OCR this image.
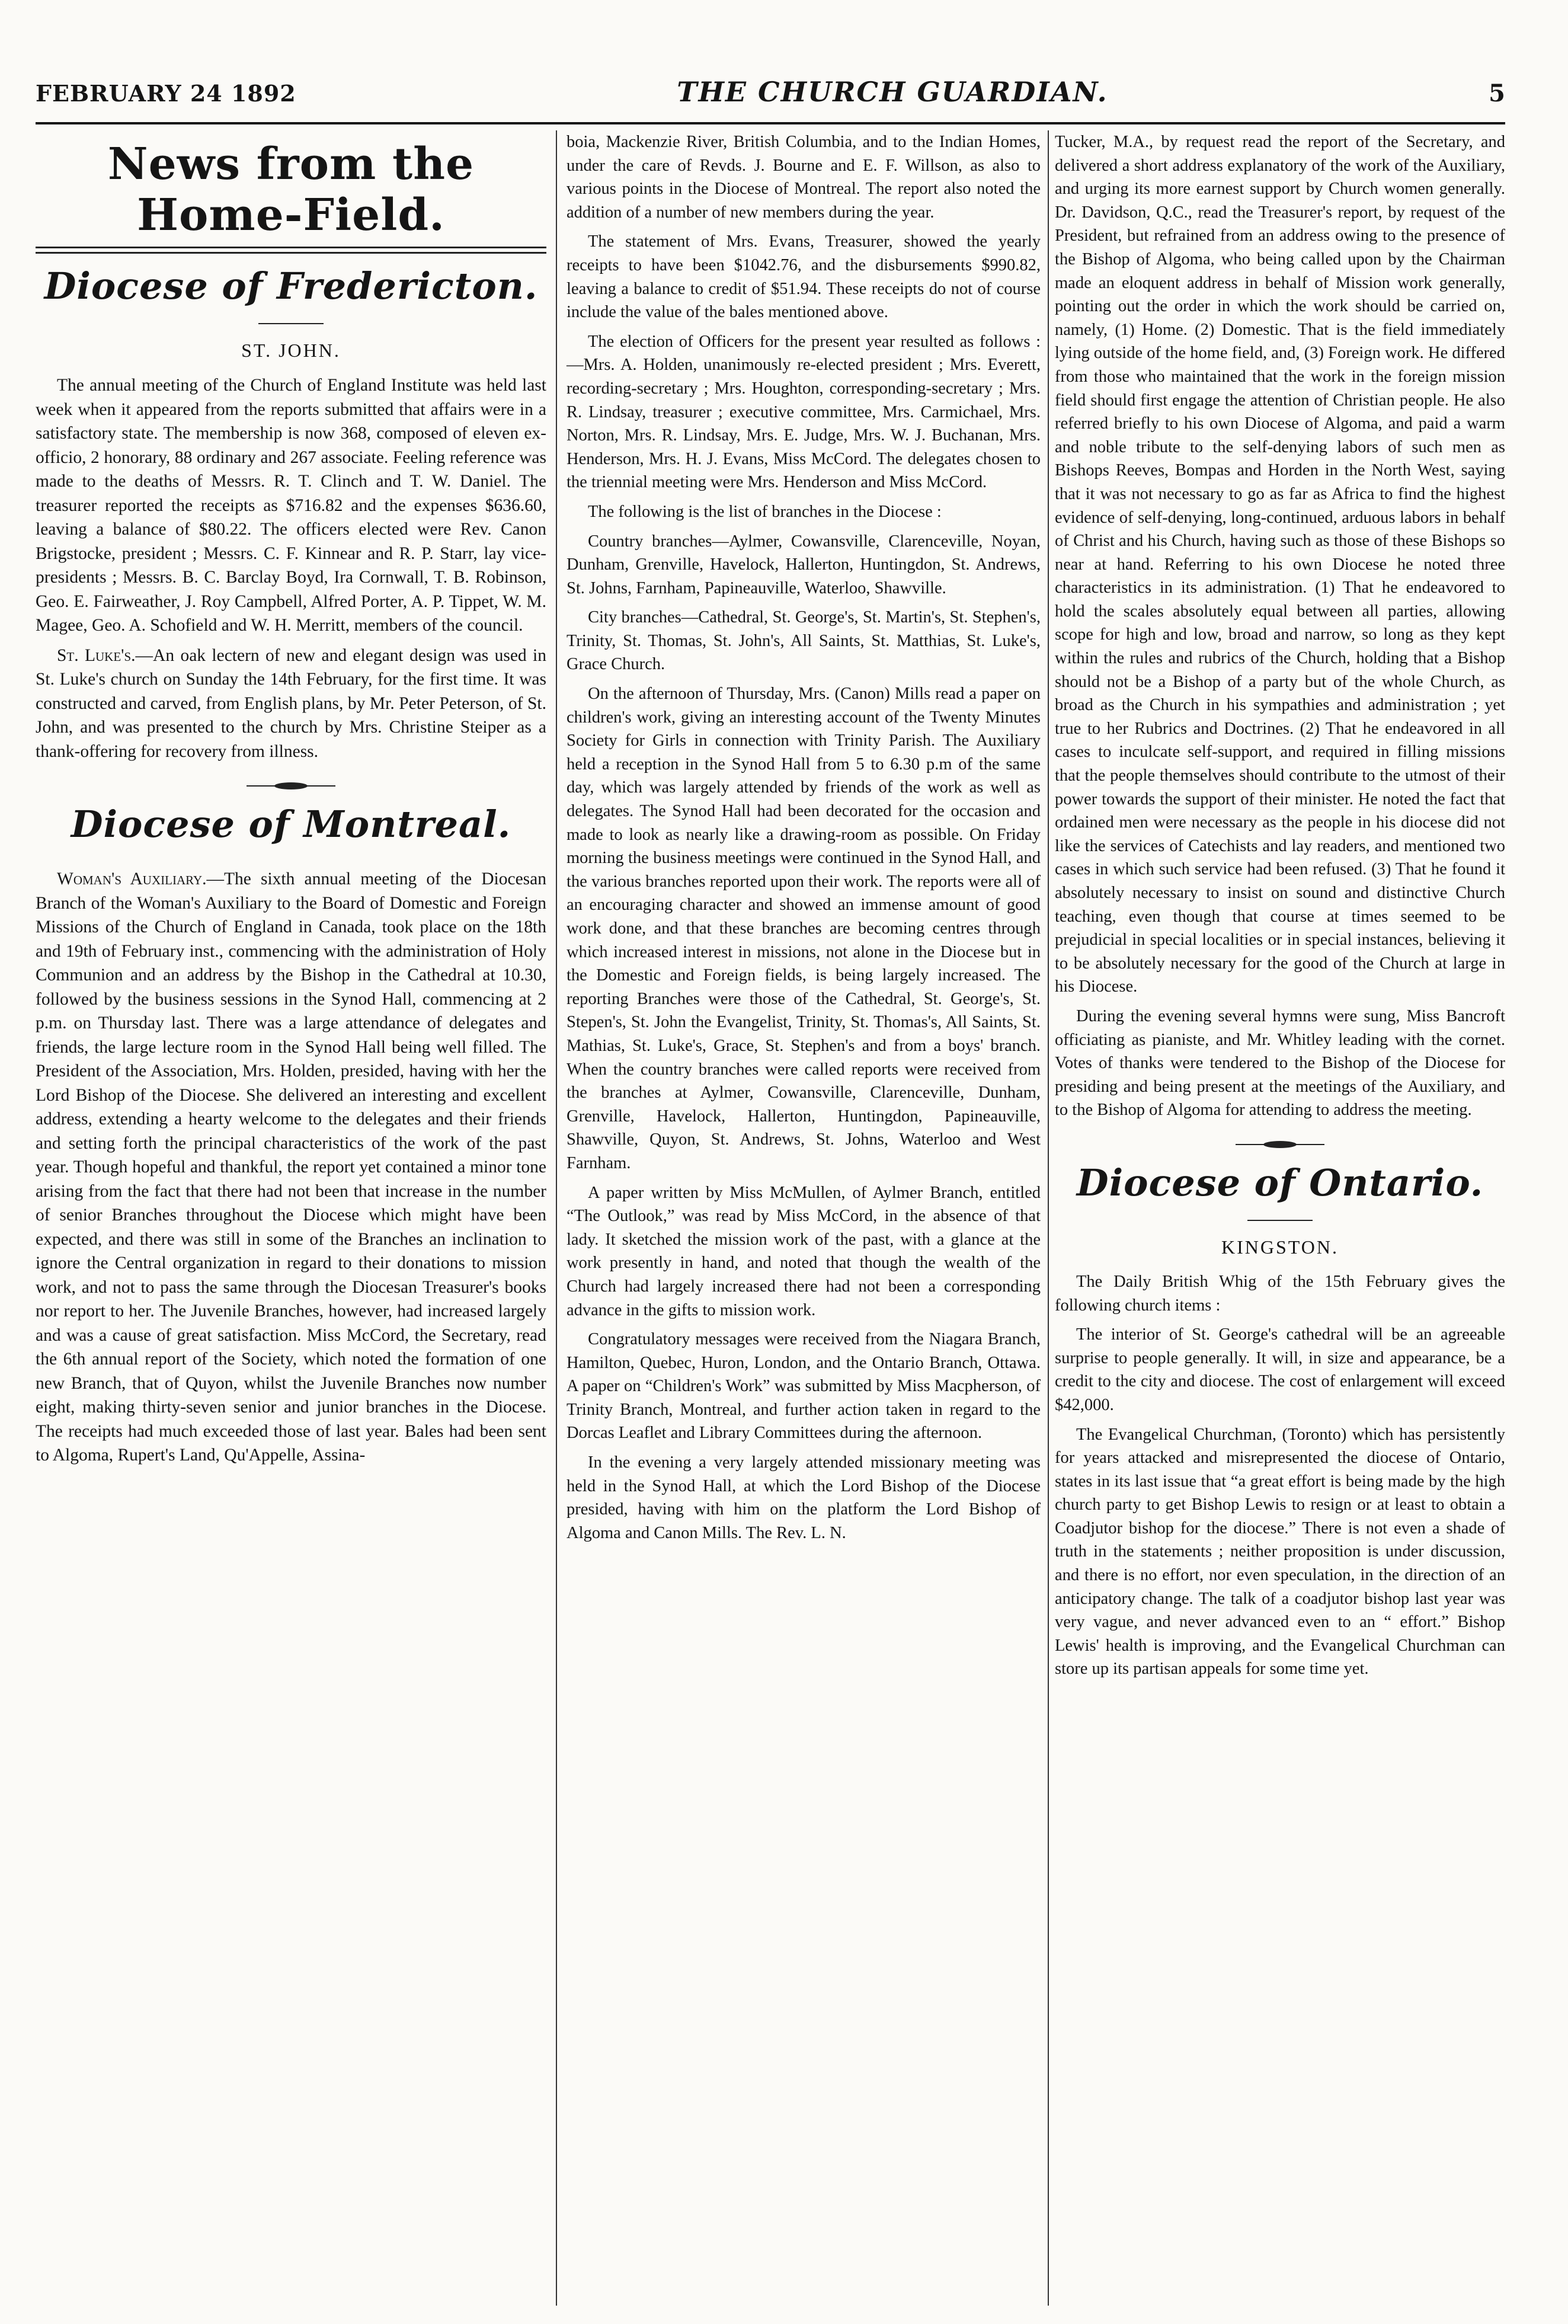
FEBRUARY 24 1892	THE CHURCH GUARDIAN.	5
News from the Home-Field.
Diocese of Fredericton.
ST. JOHN.

The annual meeting of the Church of England Institute was held last week when it appeared from the reports submitted that affairs were in a satisfactory state. The membership is now 368, composed of eleven ex-officio, 2 honorary, 88 ordinary and 267 associate. Feeling reference was made to the deaths of Messrs. R. T. Clinch and T. W. Daniel. The treasurer reported the receipts as $716.82 and the expenses $636.60, leaving a balance of $80.22. The officers elected were Rev. Canon Brigstocke, president ; Messrs. C. F. Kinnear and R. P. Starr, lay vice-presidents ; Messrs. B. C. Barclay Boyd, Ira Cornwall, T. B. Robinson, Geo. E. Fairweather, J. Roy Campbell, Alfred Porter, A. P. Tippet, W. M. Magee, Geo. A. Schofield and W. H. Merritt, members of the council.

St. Luke's.—An oak lectern of new and elegant design was used in St. Luke's church on Sunday the 14th February, for the first time. It was constructed and carved, from English plans, by Mr. Peter Peterson, of St. John, and was presented to the church by Mrs. Christine Steiper as a thank-offering for recovery from illness.

Diocese of Montreal.

Woman's Auxiliary.—The sixth annual meeting of the Diocesan Branch of the Woman's Auxiliary to the Board of Domestic and Foreign Missions of the Church of England in Canada, took place on the 18th and 19th of February inst., commencing with the administration of Holy Communion and an address by the Bishop in the Cathedral at 10.30, followed by the business sessions in the Synod Hall, commencing at 2 p.m. on Thursday last. There was a large attendance of delegates and friends, the large lecture room in the Synod Hall being well filled. The President of the Association, Mrs. Holden, presided, having with her the Lord Bishop of the Diocese. She delivered an interesting and excellent address, extending a hearty welcome to the delegates and their friends and setting forth the principal characteristics of the work of the past year. Though hopeful and thankful, the report yet contained a minor tone arising from the fact that there had not been that increase in the number of senior Branches throughout the Diocese which might have been expected, and there was still in some of the Branches an inclination to ignore the Central organization in regard to their donations to mission work, and not to pass the same through the Diocesan Treasurer's books nor report to her. The Juvenile Branches, however, had increased largely and was a cause of great satisfaction. Miss McCord, the Secretary, read the 6th annual report of the Society, which noted the formation of one new Branch, that of Quyon, whilst the Juvenile Branches now number eight, making thirty-seven senior and junior branches in the Diocese. The receipts had much exceeded those of last year. Bales had been sent to Algoma, Rupert's Land, Qu'Appelle, Assina-

boia, Mackenzie River, British Columbia, and to the Indian Homes, under the care of Revds. J. Bourne and E. F. Willson, as also to various points in the Diocese of Montreal. The report also noted the addition of a number of new members during the year.

The statement of Mrs. Evans, Treasurer, showed the yearly receipts to have been $1042.76, and the disbursements $990.82, leaving a balance to credit of $51.94. These receipts do not of course include the value of the bales mentioned above.

The election of Officers for the present year resulted as follows :—Mrs. A. Holden, unanimously re-elected president ; Mrs. Everett, recording-secretary ; Mrs. Houghton, corresponding-secretary ; Mrs. R. Lindsay, treasurer ; executive committee, Mrs. Carmichael, Mrs. Norton, Mrs. R. Lindsay, Mrs. E. Judge, Mrs. W. J. Buchanan, Mrs. Henderson, Mrs. H. J. Evans, Miss McCord. The delegates chosen to the triennial meeting were Mrs. Henderson and Miss McCord.

The following is the list of branches in the Diocese :

Country branches—Aylmer, Cowansville, Clarenceville, Noyan, Dunham, Grenville, Havelock, Hallerton, Huntingdon, St. Andrews, St. Johns, Farnham, Papineauville, Waterloo, Shawville.

City branches—Cathedral, St. George's, St. Martin's, St. Stephen's, Trinity, St. Thomas, St. John's, All Saints, St. Matthias, St. Luke's, Grace Church.

On the afternoon of Thursday, Mrs. (Canon) Mills read a paper on children's work, giving an interesting account of the Twenty Minutes Society for Girls in connection with Trinity Parish. The Auxiliary held a reception in the Synod Hall from 5 to 6.30 p.m of the same day, which was largely attended by friends of the work as well as delegates. The Synod Hall had been decorated for the occasion and made to look as nearly like a drawing-room as possible. On Friday morning the business meetings were continued in the Synod Hall, and the various branches reported upon their work. The reports were all of an encouraging character and showed an immense amount of good work done, and that these branches are becoming centres through which increased interest in missions, not alone in the Diocese but in the Domestic and Foreign fields, is being largely increased. The reporting Branches were those of the Cathedral, St. George's, St. Stepen's, St. John the Evangelist, Trinity, St. Thomas's, All Saints, St. Mathias, St. Luke's, Grace, St. Stephen's and from a boys' branch. When the country branches were called reports were received from the branches at Aylmer, Cowansville, Clarenceville, Dunham, Grenville, Havelock, Hallerton, Huntingdon, Papineauville, Shawville, Quyon, St. Andrews, St. Johns, Waterloo and West Farnham.

A paper written by Miss McMullen, of Aylmer Branch, entitled “The Outlook,” was read by Miss McCord, in the absence of that lady. It sketched the mission work of the past, with a glance at the work presently in hand, and noted that though the wealth of the Church had largely increased there had not been a corresponding advance in the gifts to mission work.

Congratulatory messages were received from the Niagara Branch, Hamilton, Quebec, Huron, London, and the Ontario Branch, Ottawa. A paper on “Children's Work” was submitted by Miss Macpherson, of Trinity Branch, Montreal, and further action taken in regard to the Dorcas Leaflet and Library Committees during the afternoon.

In the evening a very largely attended missionary meeting was held in the Synod Hall, at which the Lord Bishop of the Diocese presided, having with him on the platform the Lord Bishop of Algoma and Canon Mills. The Rev. L. N.

Tucker, M.A., by request read the report of the Secretary, and delivered a short address explanatory of the work of the Auxiliary, and urging its more earnest support by Church women generally. Dr. Davidson, Q.C., read the Treasurer's report, by request of the President, but refrained from an address owing to the presence of the Bishop of Algoma, who being called upon by the Chairman made an eloquent address in behalf of Mission work generally, pointing out the order in which the work should be carried on, namely, (1) Home. (2) Domestic. That is the field immediately lying outside of the home field, and, (3) Foreign work. He differed from those who maintained that the work in the foreign mission field should first engage the attention of Christian people. He also referred briefly to his own Diocese of Algoma, and paid a warm and noble tribute to the self-denying labors of such men as Bishops Reeves, Bompas and Horden in the North West, saying that it was not necessary to go as far as Africa to find the highest evidence of self-denying, long-continued, arduous labors in behalf of Christ and his Church, having such as those of these Bishops so near at hand. Referring to his own Diocese he noted three characteristics in its administration. (1) That he endeavored to hold the scales absolutely equal between all parties, allowing scope for high and low, broad and narrow, so long as they kept within the rules and rubrics of the Church, holding that a Bishop should not be a Bishop of a party but of the whole Church, as broad as the Church in his sympathies and administration ; yet true to her Rubrics and Doctrines. (2) That he endeavored in all cases to inculcate self-support, and required in filling missions that the people themselves should contribute to the utmost of their power towards the support of their minister. He noted the fact that ordained men were necessary as the people in his diocese did not like the services of Catechists and lay readers, and mentioned two cases in which such service had been refused. (3) That he found it absolutely necessary to insist on sound and distinctive Church teaching, even though that course at times seemed to be prejudicial in special localities or in special instances, believing it to be absolutely necessary for the good of the Church at large in his Diocese.

During the evening several hymns were sung, Miss Bancroft officiating as pianiste, and Mr. Whitley leading with the cornet. Votes of thanks were tendered to the Bishop of the Diocese for presiding and being present at the meetings of the Auxiliary, and to the Bishop of Algoma for attending to address the meeting.

Diocese of Ontario.
KINGSTON.

The Daily British Whig of the 15th February gives the following church items :

The interior of St. George's cathedral will be an agreeable surprise to people generally. It will, in size and appearance, be a credit to the city and diocese. The cost of enlargement will exceed $42,000.

The Evangelical Churchman, (Toronto) which has persistently for years attacked and misrepresented the diocese of Ontario, states in its last issue that “a great effort is being made by the high church party to get Bishop Lewis to resign or at least to obtain a Coadjutor bishop for the diocese.” There is not even a shade of truth in the statements ; neither proposition is under discussion, and there is no effort, nor even speculation, in the direction of an anticipatory change. The talk of a coadjutor bishop last year was very vague, and never advanced even to an “ effort.” Bishop Lewis' health is improving, and the Evangelical Churchman can store up its partisan appeals for some time yet.
